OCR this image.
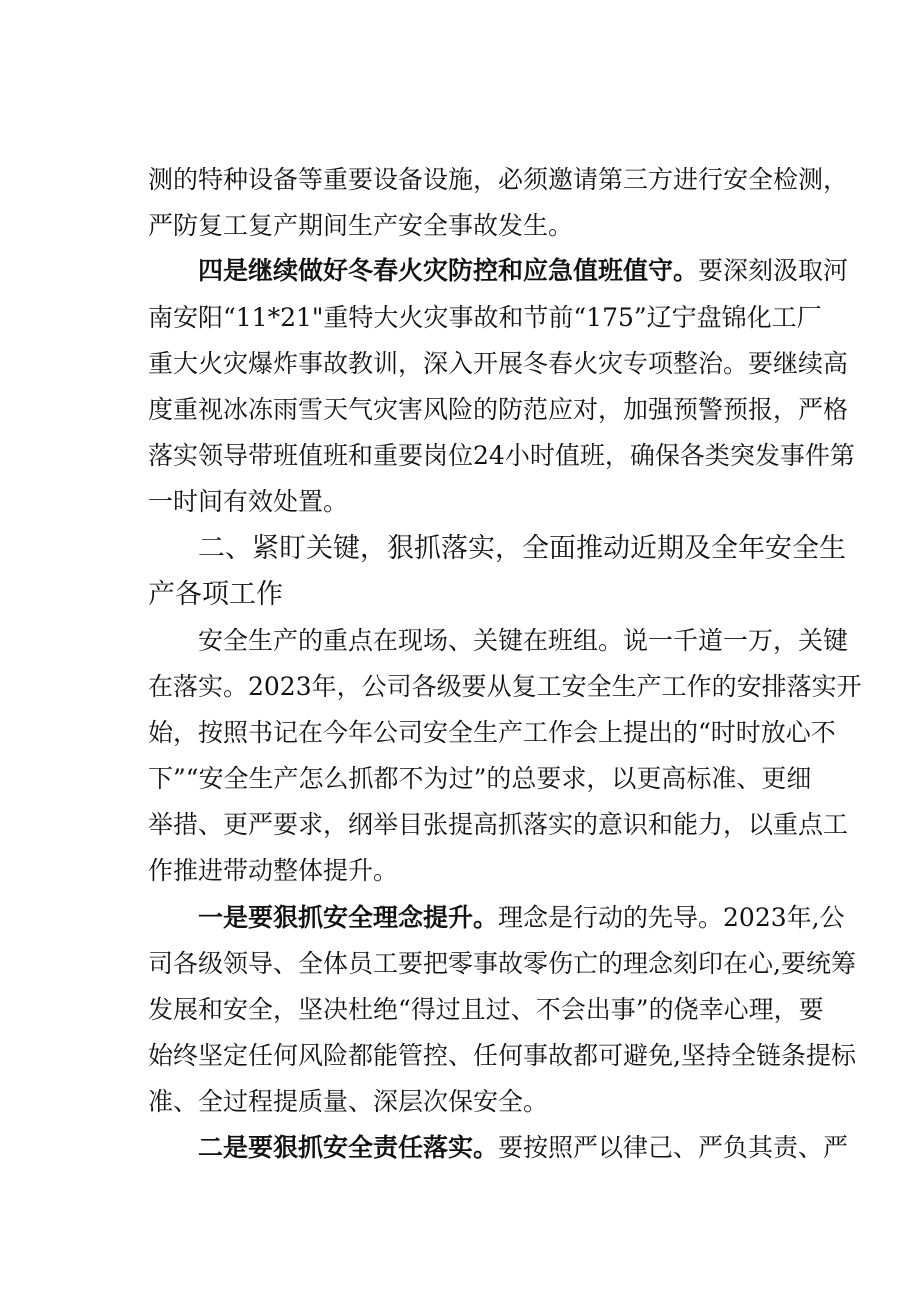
测的特种设备等重要设备设施，必须邀请第三方进行安全检测，
严防复工复产期间生产安全事故发生。
四是继续做好冬春火灾防控和应急值班值守。要深刻汲取河
南安阳“11*21"重特大火灾事故和节前“175”辽宁盘锦化工厂
重大火灾爆炸事故教训，深入开展冬春火灾专项整治。要继续高
度重视冰冻雨雪天气灾害风险的防范应对，加强预警预报，严格
落实领导带班值班和重要岗位24小时值班，确保各类突发事件第
一时间有效处置。
二、紧盯关键，狠抓落实，全面推动近期及全年安全生
产各项工作
安全生产的重点在现场、关键在班组。说一千道一万，关键
在落实。2023年，公司各级要从复工安全生产工作的安排落实开
始，按照书记在今年公司安全生产工作会上提出的“时时放心不
下”“安全生产怎么抓都不为过”的总要求，以更高标准、更细
举措、更严要求，纲举目张提高抓落实的意识和能力，以重点工
作推进带动整体提升。
一是要狠抓安全理念提升。理念是行动的先导。2023年,公
司各级领导、全体员工要把零事故零伤亡的理念刻印在心,要统筹
发展和安全，坚决杜绝“得过且过、不会出事”的侥幸心理，要
始终坚定任何风险都能管控、任何事故都可避免,坚持全链条提标
准、全过程提质量、深层次保安全。
二是要狠抓安全责任落实。要按照严以律己、严负其责、严
